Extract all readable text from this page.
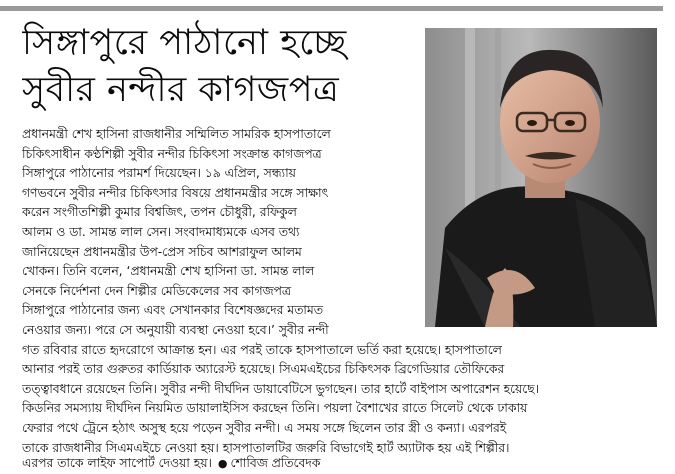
সিঙ্গাপুরে পাঠানো হচ্ছে
সুবীর নন্দীর কাগজপত্র
প্রধানমন্ত্রী শেখ হাসিনা রাজধানীর সম্মিলিত সামরিক হাসপাতালে
চিকিৎসাধীন কণ্ঠশিল্পী সুবীর নন্দীর চিকিৎসা সংক্রান্ত কাগজপত্র
সিঙ্গাপুরে পাঠানোর পরামর্শ দিয়েছেন। ১৯ এপ্রিল, সন্ধ্যায়
গণভবনে সুবীর নন্দীর চিকিৎসার বিষয়ে প্রধানমন্ত্রীর সঙ্গে সাক্ষাৎ
করেন সংগীতশিল্পী কুমার বিশ্বজিৎ, তপন চৌধুরী, রফিকুল
আলম ও ডা. সামন্ত লাল সেন। সংবাদমাধ্যমকে এসব তথ্য
জানিয়েছেন প্রধানমন্ত্রীর উপ-প্রেস সচিব আশরাফুল আলম
খোকন। তিনি বলেন, ‘প্রধানমন্ত্রী শেখ হাসিনা ডা. সামন্ত লাল
সেনকে নির্দেশনা দেন শিল্পীর মেডিকেলের সব কাগজপত্র
সিঙ্গাপুরে পাঠানোর জন্য এবং সেখানকার বিশেষজ্ঞদের মতামত
নেওয়ার জন্য। পরে সে অনুযায়ী ব্যবস্থা নেওয়া হবে।’ সুবীর নন্দী
গত রবিবার রাতে হৃদরোগে আক্রান্ত হন। এর পরই তাকে হাসপাতালে ভর্তি করা হয়েছে। হাসপাতালে
আনার পরই তার গুরুতর কার্ডিয়াক অ্যারেস্ট হয়েছে। সিএমএইচের চিকিৎসক ব্রিগেডিয়ার তৌফিকের
তত্ত্বাবধানে রয়েছেন তিনি। সুবীর নন্দী দীর্ঘদিন ডায়াবেটিসে ভুগছেন। তার হার্টে বাইপাস অপারেশন হয়েছে।
কিডনির সমস্যায় দীর্ঘদিন নিয়মিত ডায়ালাইসিস করছেন তিনি। পয়লা বৈশাখের রাতে সিলেট থেকে ঢাকায়
ফেরার পথে ট্রেনে হঠাৎ অসুস্থ হয়ে পড়েন সুবীর নন্দী। এ সময় সঙ্গে ছিলেন তার স্ত্রী ও কন্যা। এরপরই
তাকে রাজধানীর সিএমএইচে নেওয়া হয়। হাসপাতালটির জরুরি বিভাগেই হার্ট অ্যাটাক হয় এই শিল্পীর।
এরপর তাকে লাইফ সাপোর্ট দেওয়া হয়। ● শোবিজ প্রতিবেদক
